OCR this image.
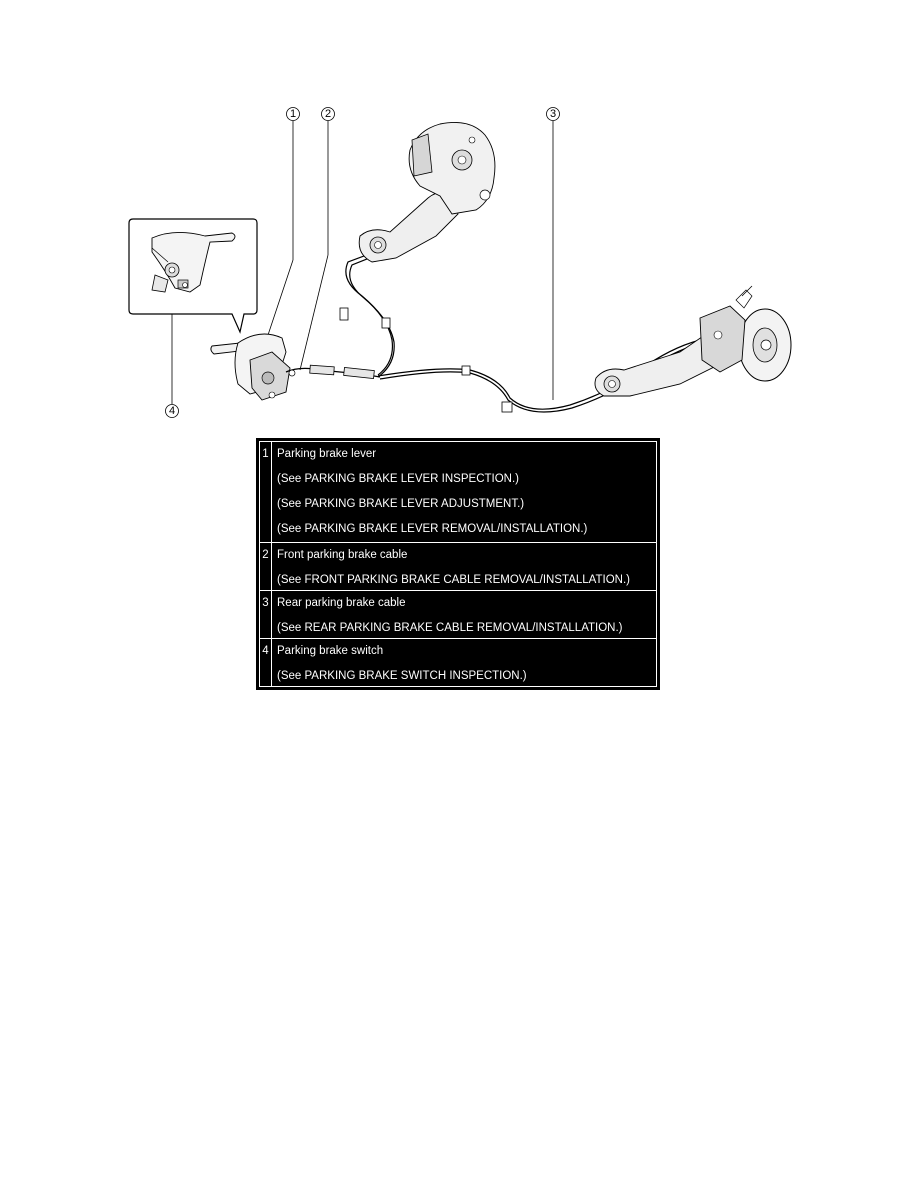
1	2	3
4
1 Parking brake lever
(See PARKING BRAKE LEVER INSPECTION.)
(See PARKING BRAKE LEVER ADJUSTMENT.)
(See PARKING BRAKE LEVER REMOVAL/INSTALLATION.)
2 Front parking brake cable
(See FRONT PARKING BRAKE CABLE REMOVAL/INSTALLATION.)
3 Rear parking brake cable
(See REAR PARKING BRAKE CABLE REMOVAL/INSTALLATION.)
4 Parking brake switch
(See PARKING BRAKE SWITCH INSPECTION.)
